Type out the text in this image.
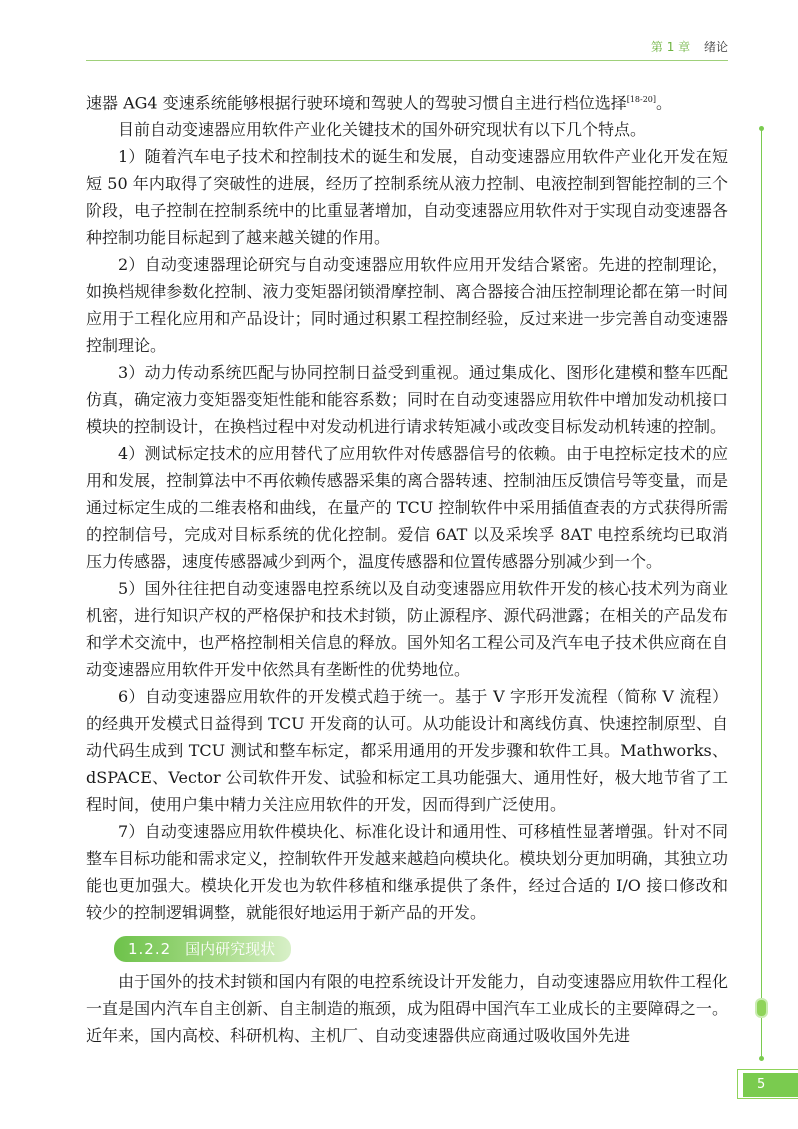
第 1 章 绪论

速器 AG4 变速系统能够根据行驶环境和驾驶人的驾驶习惯自主进行档位选择[18-20]。

目前自动变速器应用软件产业化关键技术的国外研究现状有以下几个特点。

1）随着汽车电子技术和控制技术的诞生和发展，自动变速器应用软件产业化开发在短短 50 年内取得了突破性的进展，经历了控制系统从液力控制、电液控制到智能控制的三个阶段，电子控制在控制系统中的比重显著增加，自动变速器应用软件对于实现自动变速器各种控制功能目标起到了越来越关键的作用。

2）自动变速器理论研究与自动变速器应用软件应用开发结合紧密。先进的控制理论，如换档规律参数化控制、液力变矩器闭锁滑摩控制、离合器接合油压控制理论都在第一时间应用于工程化应用和产品设计；同时通过积累工程控制经验，反过来进一步完善自动变速器控制理论。

3）动力传动系统匹配与协同控制日益受到重视。通过集成化、图形化建模和整车匹配仿真，确定液力变矩器变矩性能和能容系数；同时在自动变速器应用软件中增加发动机接口模块的控制设计，在换档过程中对发动机进行请求转矩减小或改变目标发动机转速的控制。

4）测试标定技术的应用替代了应用软件对传感器信号的依赖。由于电控标定技术的应用和发展，控制算法中不再依赖传感器采集的离合器转速、控制油压反馈信号等变量，而是通过标定生成的二维表格和曲线，在量产的 TCU 控制软件中采用插值查表的方式获得所需的控制信号，完成对目标系统的优化控制。爱信 6AT 以及采埃孚 8AT 电控系统均已取消压力传感器，速度传感器减少到两个，温度传感器和位置传感器分别减少到一个。

5）国外往往把自动变速器电控系统以及自动变速器应用软件开发的核心技术列为商业机密，进行知识产权的严格保护和技术封锁，防止源程序、源代码泄露；在相关的产品发布和学术交流中，也严格控制相关信息的释放。国外知名工程公司及汽车电子技术供应商在自动变速器应用软件开发中依然具有垄断性的优势地位。

6）自动变速器应用软件的开发模式趋于统一。基于 V 字形开发流程（简称 V 流程）的经典开发模式日益得到 TCU 开发商的认可。从功能设计和离线仿真、快速控制原型、自动代码生成到 TCU 测试和整车标定，都采用通用的开发步骤和软件工具。Mathworks、dSPACE、Vector 公司软件开发、试验和标定工具功能强大、通用性好，极大地节省了工程时间，使用户集中精力关注应用软件的开发，因而得到广泛使用。

7）自动变速器应用软件模块化、标准化设计和通用性、可移植性显著增强。针对不同整车目标功能和需求定义，控制软件开发越来越趋向模块化。模块划分更加明确，其独立功能也更加强大。模块化开发也为软件移植和继承提供了条件，经过合适的 I/O 接口修改和较少的控制逻辑调整，就能很好地运用于新产品的开发。

1.2.2 国内研究现状

由于国外的技术封锁和国内有限的电控系统设计开发能力，自动变速器应用软件工程化一直是国内汽车自主创新、自主制造的瓶颈，成为阻碍中国汽车工业成长的主要障碍之一。近年来，国内高校、科研机构、主机厂、自动变速器供应商通过吸收国外先进

5
